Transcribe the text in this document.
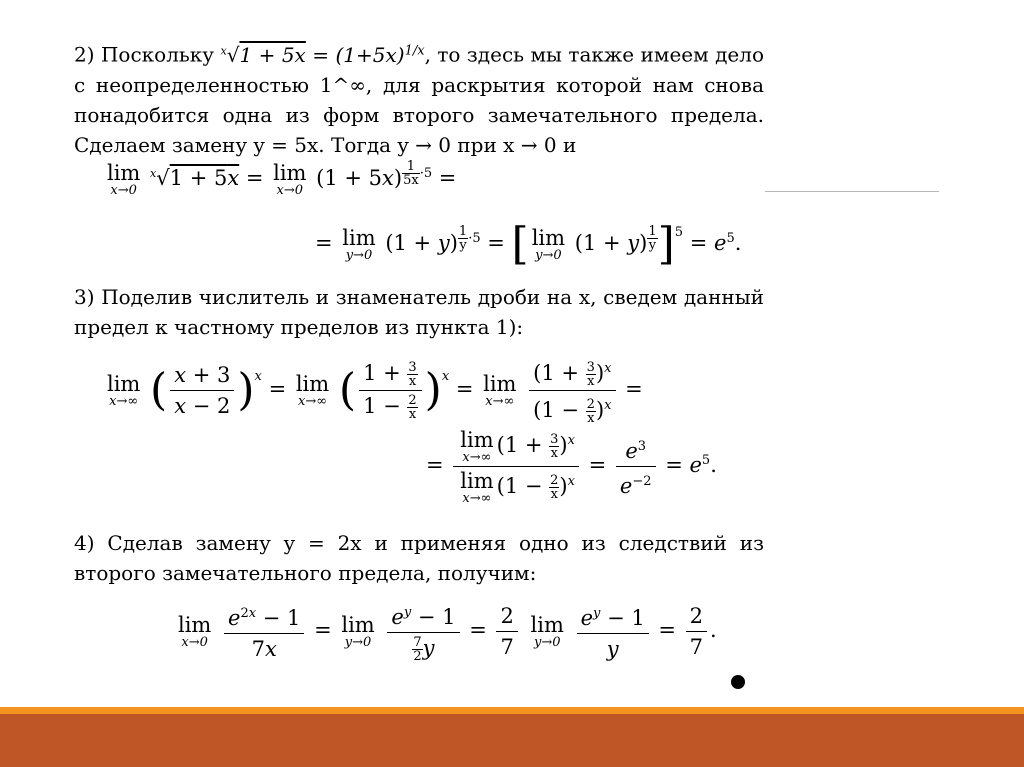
2) Поскольку $^x√1 + 5x = (1+5x)^{1/x}$, то здесь мы также имеем дело с неопределенностью 1^∞, для раскрытия которой нам снова понадобится одна из форм второго замечательного предела. Сделаем замену y = 5x. Тогда y → 0 при x → 0 и
lim
x→0
$^x$√1 + 5x = lim
x→0
(1 + 5x) $^{\frac{1}{5x} \cdot 5}$ =
= lim
y→0
(1 + y) $^{\frac{1}{y} \cdot 5}$ = [ lim
y→0
(1 + y) $^{\frac{1}{y}}$ ]$^5 = e^5$.
3) Поделив числитель и знаменатель дроби на x, сведем данный предел к частному пределов из пункта 1):
lim
x→∞ ( $\frac{x + 3}{x - 2} )^x = \lim$
x→∞ ( $\frac{1 + \frac{3}{x}}{1 - \frac{2}{x}} )^x = \lim$
x→∞
$\frac{(1 + \frac{3}{x} )^x}{(1 - \frac{2}{x} )^x}$ =
= lim
x→∞
$(1 + \frac{3}{x} )^x$
lim
x→∞
$(1 - \frac{2}{x} )^x = \frac{e^3}{e^{-2}} = e^5$.
4) Сделав замену y = 2x и применяя одно из следствий из второго замечательного предела, получим:
lim
x→0
$\frac{e^{2x} - 1}{7x} = \lim$
y→0
$\frac{e^y - 1}{\frac{7}{2} y} = \frac{2}{7}$
lim
y→0
$\frac{e^y - 1}{y} = \frac{2}{7}$ .
